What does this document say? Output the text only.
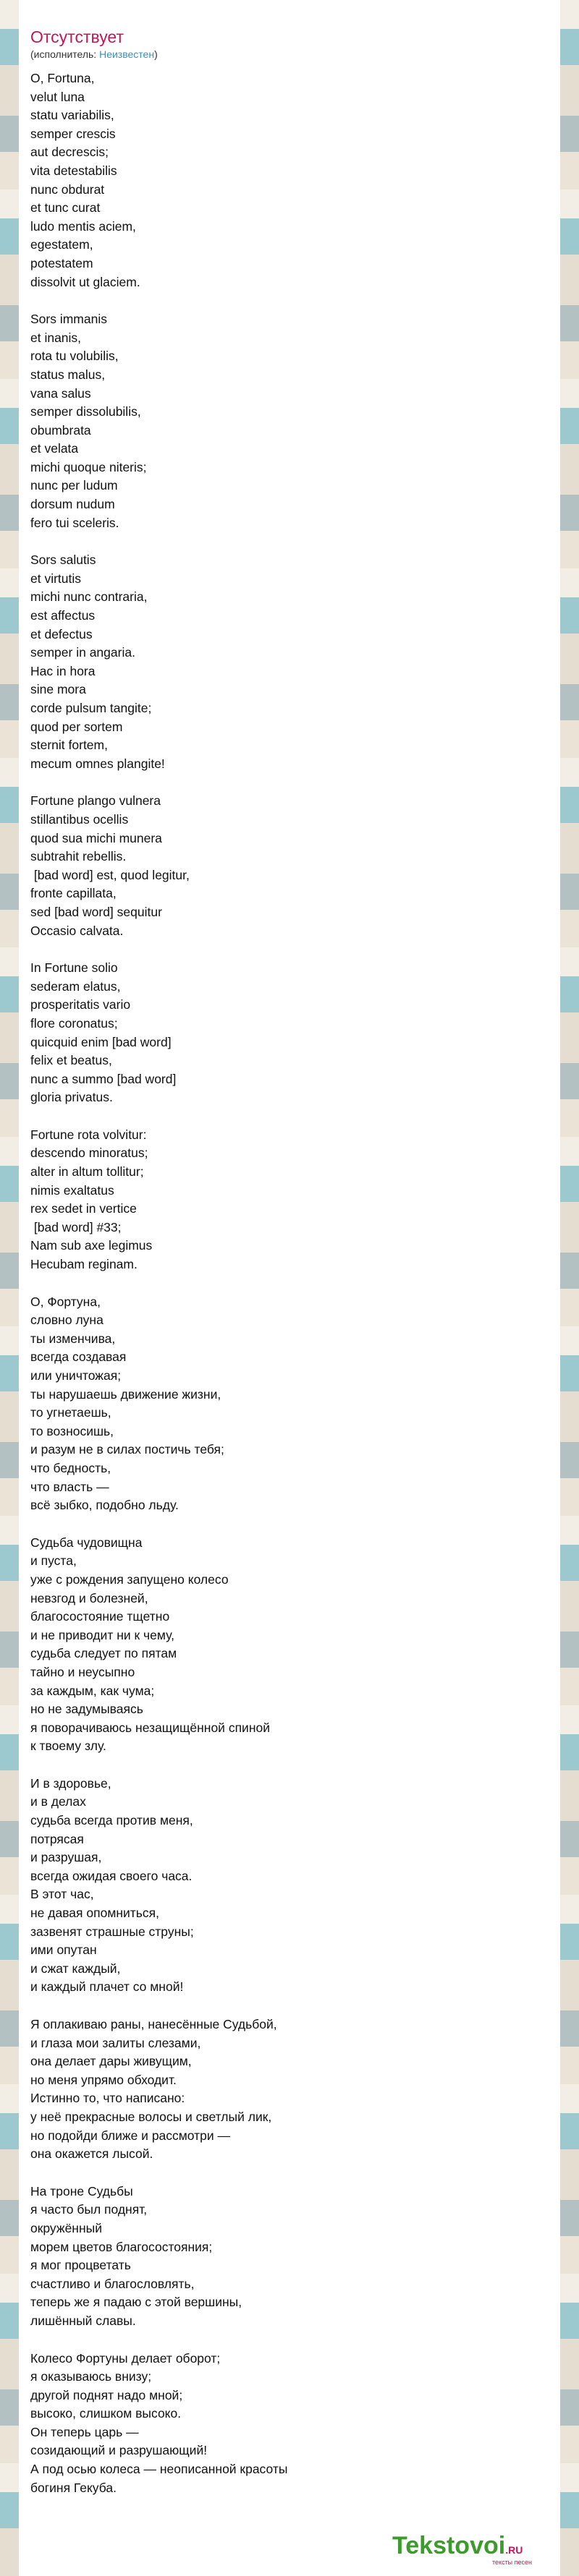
Отсутствует
(исполнитель: Неизвестен)
O, Fortuna,
velut luna
statu variabilis,
semper crescis
aut decrescis;
vita detestabilis
nunc obdurat
et tunc curat
ludo mentis aciem,
egestatem,
potestatem
dissolvit ut glaciem.
Sors immanis
et inanis,
rota tu volubilis,
status malus,
vana salus
semper dissolubilis,
obumbrata
et velata
michi quoque niteris;
nunc per ludum
dorsum nudum
fero tui sceleris.
Sors salutis
et virtutis
michi nunc contraria,
est affectus
et defectus
semper in angaria.
Hac in hora
sine mora
corde pulsum tangite;
quod per sortem
sternit fortem,
mecum omnes plangite!
Fortune plango vulnera
stillantibus ocellis
quod sua michi munera
subtrahit rebellis.
[bad word] est, quod legitur,
fronte capillata,
sed [bad word] sequitur
Occasio calvata.
In Fortune solio
sederam elatus,
prosperitatis vario
flore coronatus;
quicquid enim [bad word]
felix et beatus,
nunc a summo [bad word]
gloria privatus.
Fortune rota volvitur:
descendo minoratus;
alter in altum tollitur;
nimis exaltatus
rex sedet in vertice
[bad word] #33;
Nam sub axe legimus
Hecubam reginam.
О, Фортуна,
словно луна
ты изменчива,
всегда создавая
или уничтожая;
ты нарушаешь движение жизни,
то угнетаешь,
то возносишь,
и разум не в силах постичь тебя;
что бедность,
что власть —
всё зыбко, подобно льду.
Судьба чудовищна
и пуста,
уже с рождения запущено колесо
невзгод и болезней,
благосостояние тщетно
и не приводит ни к чему,
судьба следует по пятам
тайно и неусыпно
за каждым, как чума;
но не задумываясь
я поворачиваюсь незащищённой спиной
к твоему злу.
И в здоровье,
и в делах
судьба всегда против меня,
потрясая
и разрушая,
всегда ожидая своего часа.
В этот час,
не давая опомниться,
зазвенят страшные струны;
ими опутан
и сжат каждый,
и каждый плачет со мной!
Я оплакиваю раны, нанесённые Судьбой,
и глаза мои залиты слезами,
она делает дары живущим,
но меня упрямо обходит.
Истинно то, что написано:
у неё прекрасные волосы и светлый лик,
но подойди ближе и рассмотри —
она окажется лысой.
На троне Судьбы
я часто был поднят,
окружённый
морем цветов благосостояния;
я мог процветать
счастливо и благословлять,
теперь же я падаю с этой вершины,
лишённый славы.
Колесо Фортуны делает оборот;
я оказываюсь внизу;
другой поднят надо мной;
высоко, слишком высоко.
Он теперь царь —
созидающий и разрушающий!
А под осью колеса — неописанной красоты
богиня Гекуба.
Tekstovoi.RU
тексты песен
